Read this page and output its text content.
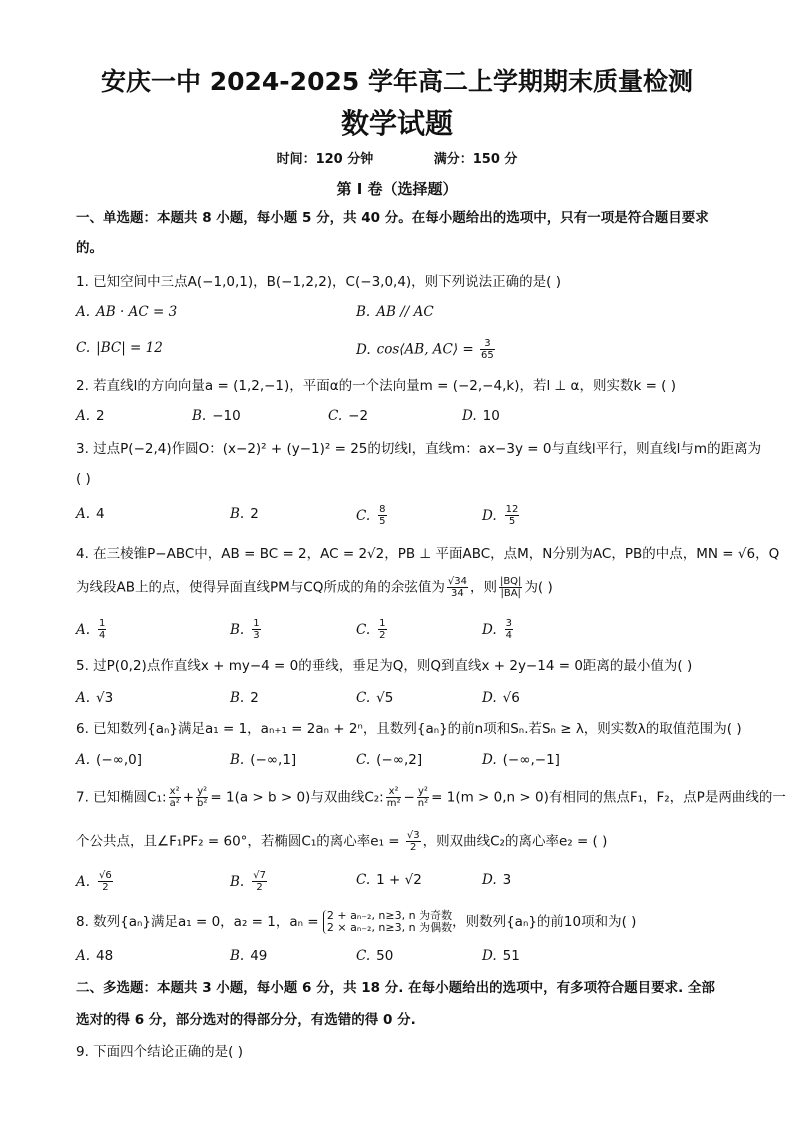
安庆一中 2024-2025 学年高二上学期期末质量检测
数学试题
时间：120 分钟	满分：150 分
第 I 卷（选择题）
一、单选题：本题共 8 小题，每小题 5 分，共 40 分。在每小题给出的选项中，只有一项是符合题目要求
的。
1. 已知空间中三点A(−1,0,1)，B(−1,2,2)，C(−3,0,4)，则下列说法正确的是( )
A. AB · AC = 3	B. AB // AC
C. |BC| = 12	D. cos⟨AB, AC⟩ = $\frac{3}{65}$
2. 若直线l的方向向量a = (1,2,−1)，平面α的一个法向量m = (−2,−4,k)，若l ⊥ α，则实数k = ( )
A. 2	B. −10	C. −2	D. 10
3. 过点P(−2,4)作圆O：(x−2)² + (y−1)² = 25的切线l，直线m：ax−3y = 0与直线l平行，则直线l与m的距离为
( )
A. 4	B. 2	C. $\frac{8}{5}$	D. $\frac{12}{5}$
4. 在三棱锥P−ABC中，AB = BC = 2，AC = 2√2，PB ⊥ 平面ABC，点M，N分别为AC，PB的中点，MN = √6，Q
为线段AB上的点，使得异面直线PM与CQ所成的角的余弦值为 $\frac{√34}{34}$ ，则 $\frac{|BQ|}{|BA|}$ 为( )
A. $\frac{1}{4}$	B. $\frac{1}{3}$	C. $\frac{1}{2}$	D. $\frac{3}{4}$
5. 过P(0,2)点作直线x + my−4 = 0的垂线，垂足为Q，则Q到直线x + 2y−14 = 0距离的最小值为( )
A. √3	B. 2	C. √5	D. √6
6. 已知数列{aₙ}满足a₁ = 1，aₙ₊₁ = 2aₙ + 2ⁿ，且数列{aₙ}的前n项和Sₙ.若Sₙ ≥ λ，则实数λ的取值范围为( )
A. (−∞,0]	B. (−∞,1]	C. (−∞,2]	D. (−∞,−1]
7. 已知椭圆C₁: $\frac{\text{x²}}{\text{a²}} + \frac{\text{y²}}{\text{b²}} = 1(a > b > 0)$与双曲线C₂: $\frac{\text{x²}}{\text{m²}} - \frac{\text{y²}}{\text{n²}} = 1(m > 0,n > 0)$有相同的焦点F₁，F₂，点P是两曲线的一
个公共点，且∠F₁PF₂ = 60°，若椭圆C₁的离心率$e_1 = \frac{√3}{2}$ ，则双曲线C₂的离心率e₂ = ( )
A. $\frac{√6}{2}$	B. $\frac{√7}{2}$	C. 1 + √2	D. 3
8. 数列{aₙ}满足a₁ = 0，a₂ = 1，aₙ = 2 + aₙ₋₂, n≥3, n 为奇数
2 × aₙ₋₂, n≥3, n 为偶数 ，则数列{aₙ}的前10项和为( )
A. 48	B. 49	C. 50	D. 51
二、多选题：本题共 3 小题，每小题 6 分，共 18 分. 在每小题给出的选项中，有多项符合题目要求. 全部
选对的得 6 分，部分选对的得部分分，有选错的得 0 分.
9. 下面四个结论正确的是( )
